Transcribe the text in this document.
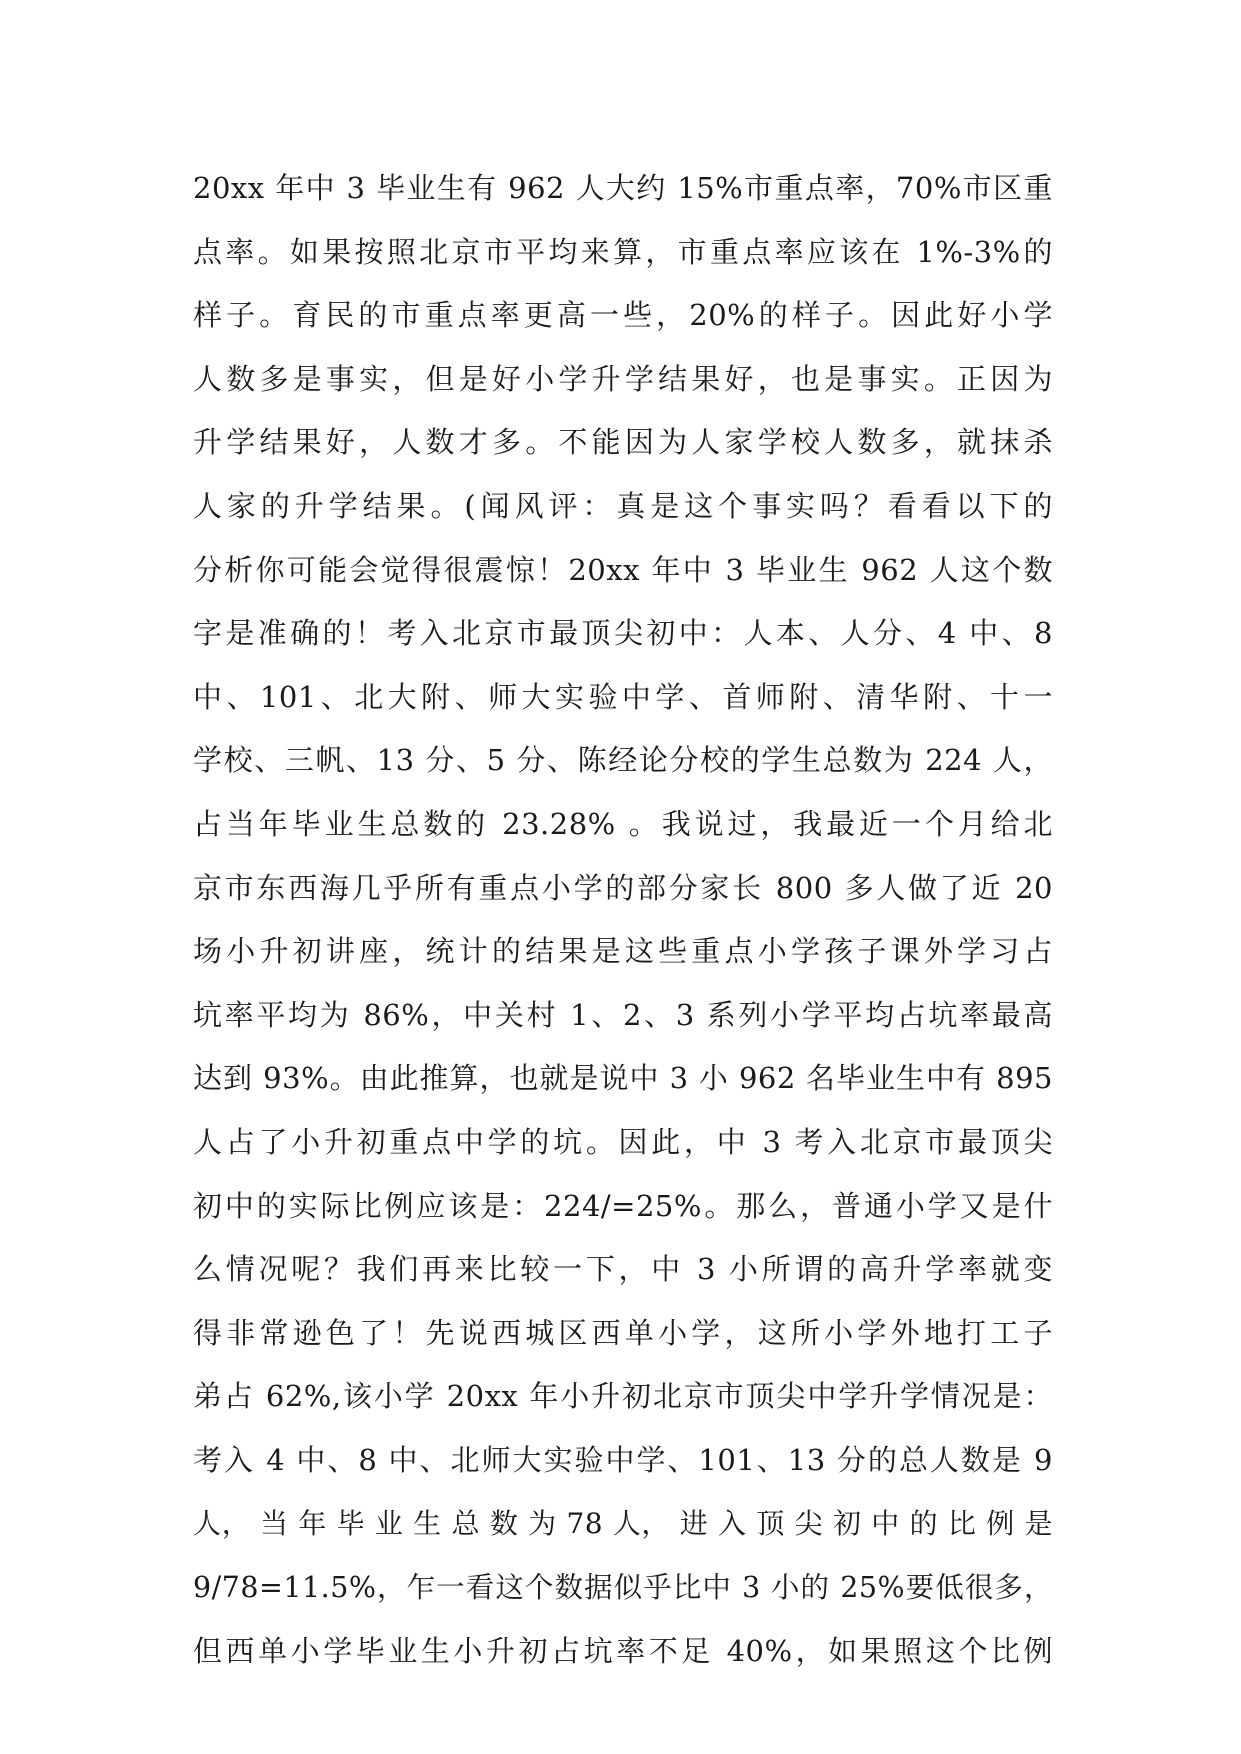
20xx 年中 3 毕业生有 962 人大约 15%市重点率，70%市区重
点率。如果按照北京市平均来算，市重点率应该在 1%-3%的
样子。育民的市重点率更高一些，20%的样子。因此好小学
人数多是事实，但是好小学升学结果好，也是事实。正因为
升学结果好，人数才多。不能因为人家学校人数多，就抹杀
人家的升学结果。(闻风评：真是这个事实吗？看看以下的
分析你可能会觉得很震惊！20xx 年中 3 毕业生 962 人这个数
字是准确的！考入北京市最顶尖初中：人本、人分、4 中、8
中、101、北大附、师大实验中学、首师附、清华附、十一
学校、三帆、13 分、5 分、陈经论分校的学生总数为 224 人，
占当年毕业生总数的 23.28% 。我说过，我最近一个月给北
京市东西海几乎所有重点小学的部分家长 800 多人做了近 20
场小升初讲座，统计的结果是这些重点小学孩子课外学习占
坑率平均为 86%，中关村 1、2、3 系列小学平均占坑率最高
达到 93%。由此推算，也就是说中 3 小 962 名毕业生中有 895
人占了小升初重点中学的坑。因此，中 3 考入北京市最顶尖
初中的实际比例应该是：224/=25%。那么，普通小学又是什
么情况呢？我们再来比较一下，中 3 小所谓的高升学率就变
得非常逊色了！先说西城区西单小学，这所小学外地打工子
弟占 62%,该小学 20xx 年小升初北京市顶尖中学升学情况是：
考入 4 中、8 中、北师大实验中学、101、13 分的总人数是 9
人， 当 年 毕 业 生 总 数 为 78 人， 进 入 顶 尖 初 中 的 比 例 是
9/78=11.5%，乍一看这个数据似乎比中 3 小的 25%要低很多，
但西单小学毕业生小升初占坑率不足 40%，如果照这个比例
